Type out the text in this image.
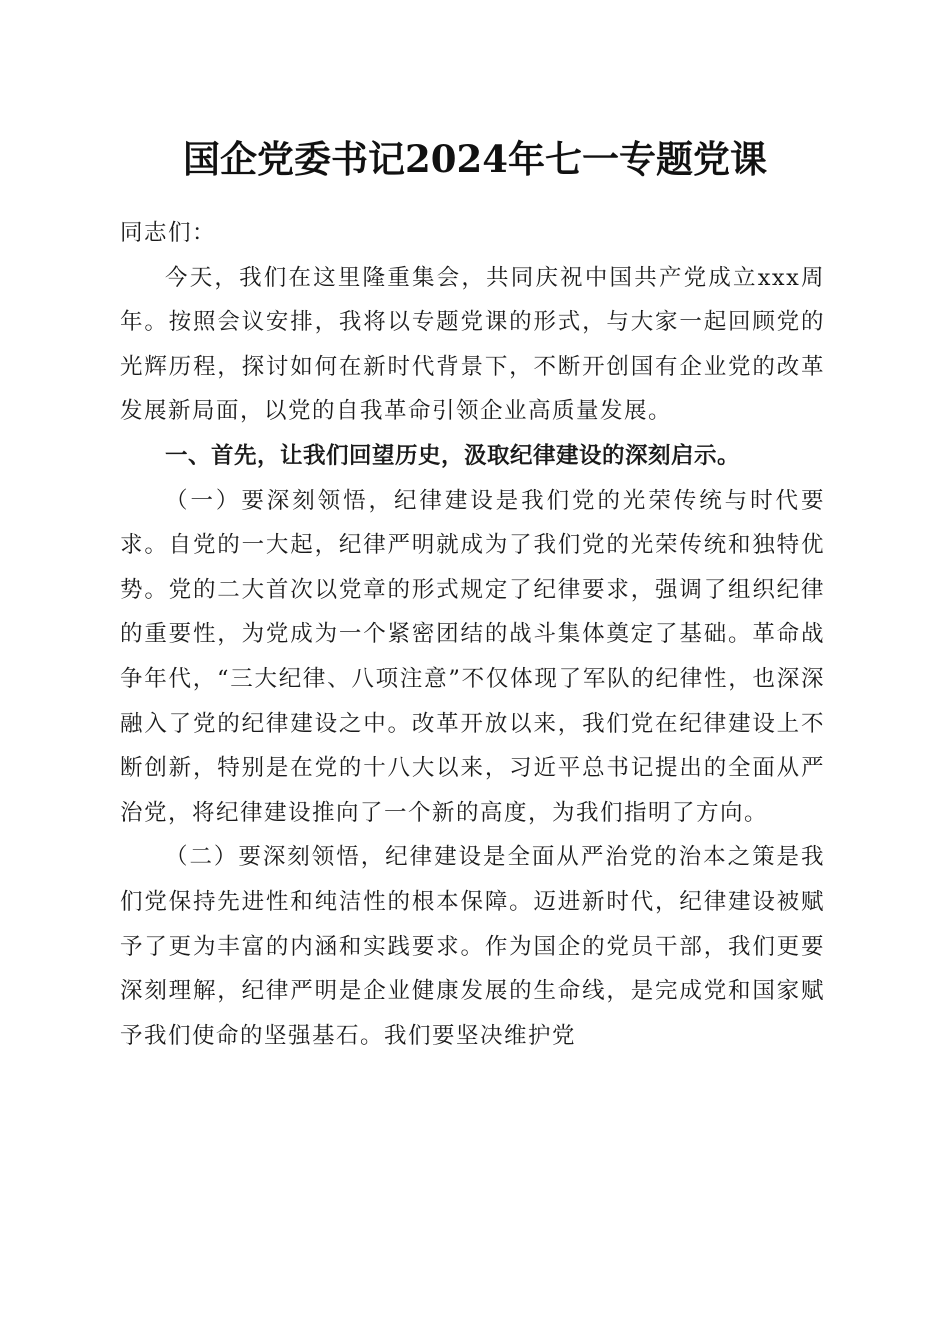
国企党委书记2024年七一专题党课

同志们：

今天，我们在这里隆重集会，共同庆祝中国共产党成立xxx周年。按照会议安排，我将以专题党课的形式，与大家一起回顾党的光辉历程，探讨如何在新时代背景下，不断开创国有企业党的改革发展新局面，以党的自我革命引领企业高质量发展。

一、首先，让我们回望历史，汲取纪律建设的深刻启示。

（一）要深刻领悟，纪律建设是我们党的光荣传统与时代要求。自党的一大起，纪律严明就成为了我们党的光荣传统和独特优势。党的二大首次以党章的形式规定了纪律要求，强调了组织纪律的重要性，为党成为一个紧密团结的战斗集体奠定了基础。革命战争年代，“三大纪律、八项注意”不仅体现了军队的纪律性，也深深融入了党的纪律建设之中。改革开放以来，我们党在纪律建设上不断创新，特别是在党的十八大以来，习近平总书记提出的全面从严治党，将纪律建设推向了一个新的高度，为我们指明了方向。

（二）要深刻领悟，纪律建设是全面从严治党的治本之策是我们党保持先进性和纯洁性的根本保障。迈进新时代，纪律建设被赋予了更为丰富的内涵和实践要求。作为国企的党员干部，我们更要深刻理解，纪律严明是企业健康发展的生命线，是完成党和国家赋予我们使命的坚强基石。我们要坚决维护党
